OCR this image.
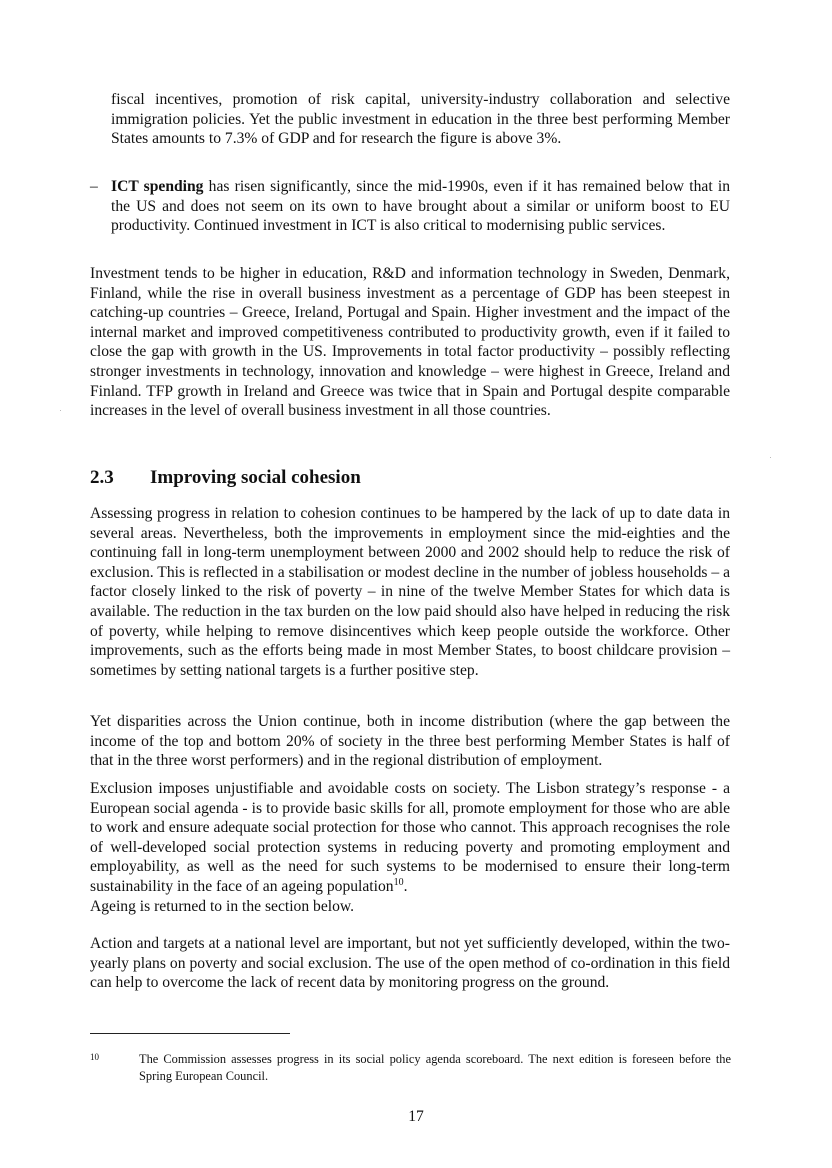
fiscal incentives, promotion of risk capital, university-industry collaboration and selective immigration policies. Yet the public investment in education in the three best performing Member States amounts to 7.3% of GDP and for research the figure is above 3%.

– ICT spending has risen significantly, since the mid-1990s, even if it has remained below that in the US and does not seem on its own to have brought about a similar or uniform boost to EU productivity. Continued investment in ICT is also critical to modernising public services.

Investment tends to be higher in education, R&D and information technology in Sweden, Denmark, Finland, while the rise in overall business investment as a percentage of GDP has been steepest in catching-up countries – Greece, Ireland, Portugal and Spain. Higher investment and the impact of the internal market and improved competitiveness contributed to productivity growth, even if it failed to close the gap with growth in the US. Improvements in total factor productivity – possibly reflecting stronger investments in technology, innovation and knowledge – were highest in Greece, Ireland and Finland. TFP growth in Ireland and Greece was twice that in Spain and Portugal despite comparable increases in the level of overall business investment in all those countries.

2.3 Improving social cohesion

Assessing progress in relation to cohesion continues to be hampered by the lack of up to date data in several areas. Nevertheless, both the improvements in employment since the mid-eighties and the continuing fall in long-term unemployment between 2000 and 2002 should help to reduce the risk of exclusion. This is reflected in a stabilisation or modest decline in the number of jobless households – a factor closely linked to the risk of poverty – in nine of the twelve Member States for which data is available. The reduction in the tax burden on the low paid should also have helped in reducing the risk of poverty, while helping to remove disincentives which keep people outside the workforce. Other improvements, such as the efforts being made in most Member States, to boost childcare provision – sometimes by setting national targets is a further positive step.

Yet disparities across the Union continue, both in income distribution (where the gap between the income of the top and bottom 20% of society in the three best performing Member States is half of that in the three worst performers) and in the regional distribution of employment.

Exclusion imposes unjustifiable and avoidable costs on society. The Lisbon strategy’s response - a European social agenda - is to provide basic skills for all, promote employment for those who are able to work and ensure adequate social protection for those who cannot. This approach recognises the role of well-developed social protection systems in reducing poverty and promoting employment and employability, as well as the need for such systems to be modernised to ensure their long-term sustainability in the face of an ageing population$^{10}$.
Ageing is returned to in the section below.

Action and targets at a national level are important, but not yet sufficiently developed, within the two-yearly plans on poverty and social exclusion. The use of the open method of co-ordination in this field can help to overcome the lack of recent data by monitoring progress on the ground.

10	The Commission assesses progress in its social policy agenda scoreboard. The next edition is foreseen before the Spring European Council.

17
